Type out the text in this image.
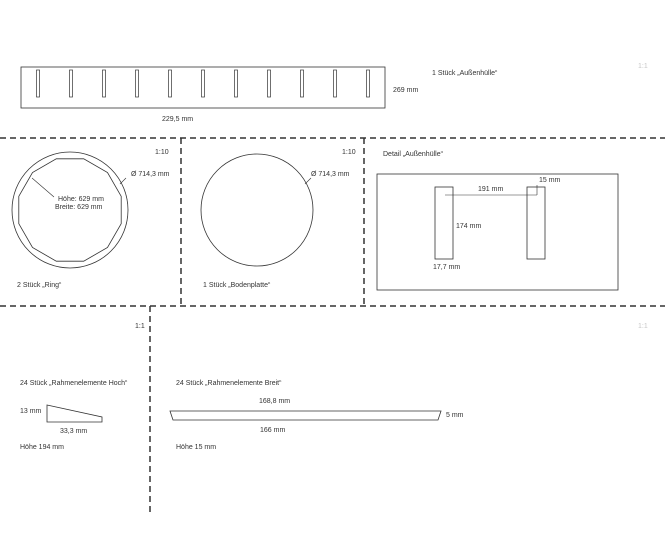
1:1
1 Stück „Außenhülle“
269 mm
229,5 mm
1:10
Ø 714,3 mm
Höhe: 629 mm
Breite: 629 mm
2 Stück „Ring“
1:10
Ø 714,3 mm
1 Stück „Bodenplatte“
Detail „Außenhülle“
191 mm
15 mm
174 mm
17,7 mm
1:1	1:1
24 Stück „Rahmenelemente Hoch“
13 mm
33,3 mm
Höhe 194 mm
24 Stück „Rahmenelemente Breit“
168,8 mm
5 mm
166 mm
Höhe 15 mm
